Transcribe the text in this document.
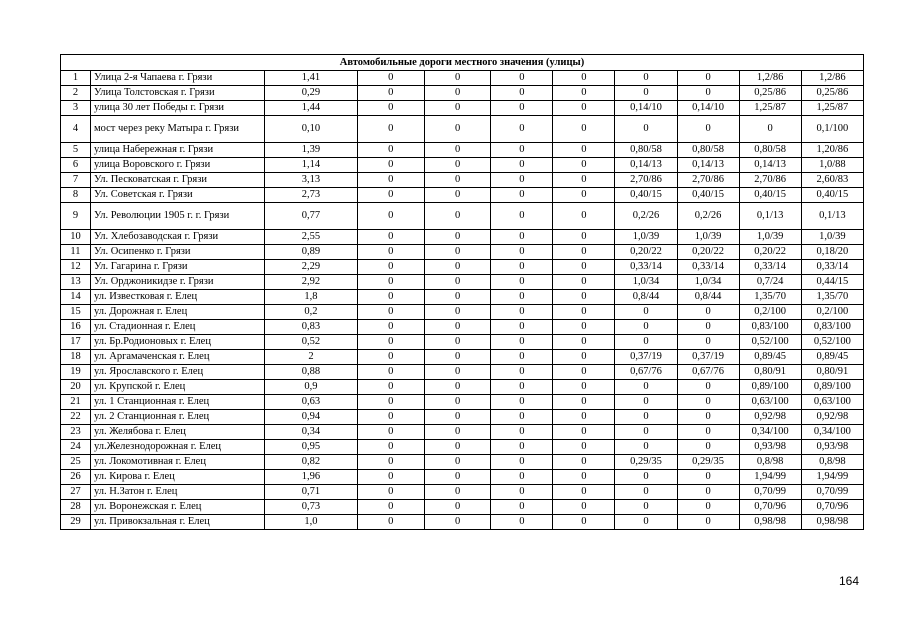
Автомобильные дороги местного значения (улицы)										
1	Улица 2-я Чапаева г. Грязи	1,41	0	0	0	0	0	0	1,2/86	1,2/86
2	Улица Толстовская г. Грязи	0,29	0	0	0	0	0	0	0,25/86	0,25/86
3	улица 30 лет Победы г. Грязи	1,44	0	0	0	0	0,14/10	0,14/10	1,25/87	1,25/87
4	мост через реку Матыра г. Грязи	0,10	0	0	0	0	0	0	0	0,1/100
5	улица Набережная г. Грязи	1,39	0	0	0	0	0,80/58	0,80/58	0,80/58	1,20/86
6	улица Воровского г. Грязи	1,14	0	0	0	0	0,14/13	0,14/13	0,14/13	1,0/88
7	Ул. Песковатская г. Грязи	3,13	0	0	0	0	2,70/86	2,70/86	2,70/86	2,60/83
8	Ул. Советская г. Грязи	2,73	0	0	0	0	0,40/15	0,40/15	0,40/15	0,40/15
9	Ул. Революции 1905 г. г. Грязи	0,77	0	0	0	0	0,2/26	0,2/26	0,1/13	0,1/13
10	Ул. Хлебозаводская г. Грязи	2,55	0	0	0	0	1,0/39	1,0/39	1,0/39	1,0/39
11	Ул. Осипенко г. Грязи	0,89	0	0	0	0	0,20/22	0,20/22	0,20/22	0,18/20
12	Ул. Гагарина г. Грязи	2,29	0	0	0	0	0,33/14	0,33/14	0,33/14	0,33/14
13	Ул. Орджоникидзе г. Грязи	2,92	0	0	0	0	1,0/34	1,0/34	0,7/24	0,44/15
14	ул. Известковая г. Елец	1,8	0	0	0	0	0,8/44	0,8/44	1,35/70	1,35/70
15	ул. Дорожная г. Елец	0,2	0	0	0	0	0	0	0,2/100	0,2/100
16	ул. Стадионная г. Елец	0,83	0	0	0	0	0	0	0,83/100	0,83/100
17	ул. Бр.Родионовых г. Елец	0,52	0	0	0	0	0	0	0,52/100	0,52/100
18	ул. Аргамаченская г. Елец	2	0	0	0	0	0,37/19	0,37/19	0,89/45	0,89/45
19	ул. Ярославского г. Елец	0,88	0	0	0	0	0,67/76	0,67/76	0,80/91	0,80/91
20	ул. Крупской г. Елец	0,9	0	0	0	0	0	0	0,89/100	0,89/100
21	ул. 1 Станционная г. Елец	0,63	0	0	0	0	0	0	0,63/100	0,63/100
22	ул. 2 Станционная г. Елец	0,94	0	0	0	0	0	0	0,92/98	0,92/98
23	ул. Желябова г. Елец	0,34	0	0	0	0	0	0	0,34/100	0,34/100
24	ул.Железнодорожная г. Елец	0,95	0	0	0	0	0	0	0,93/98	0,93/98
25	ул. Локомотивная г. Елец	0,82	0	0	0	0	0,29/35	0,29/35	0,8/98	0,8/98
26	ул. Кирова г. Елец	1,96	0	0	0	0	0	0	1,94/99	1,94/99
27	ул. Н.Затон г. Елец	0,71	0	0	0	0	0	0	0,70/99	0,70/99
28	ул. Воронежская г. Елец	0,73	0	0	0	0	0	0	0,70/96	0,70/96
29	ул. Привокзальная г. Елец	1,0	0	0	0	0	0	0	0,98/98	0,98/98
164
